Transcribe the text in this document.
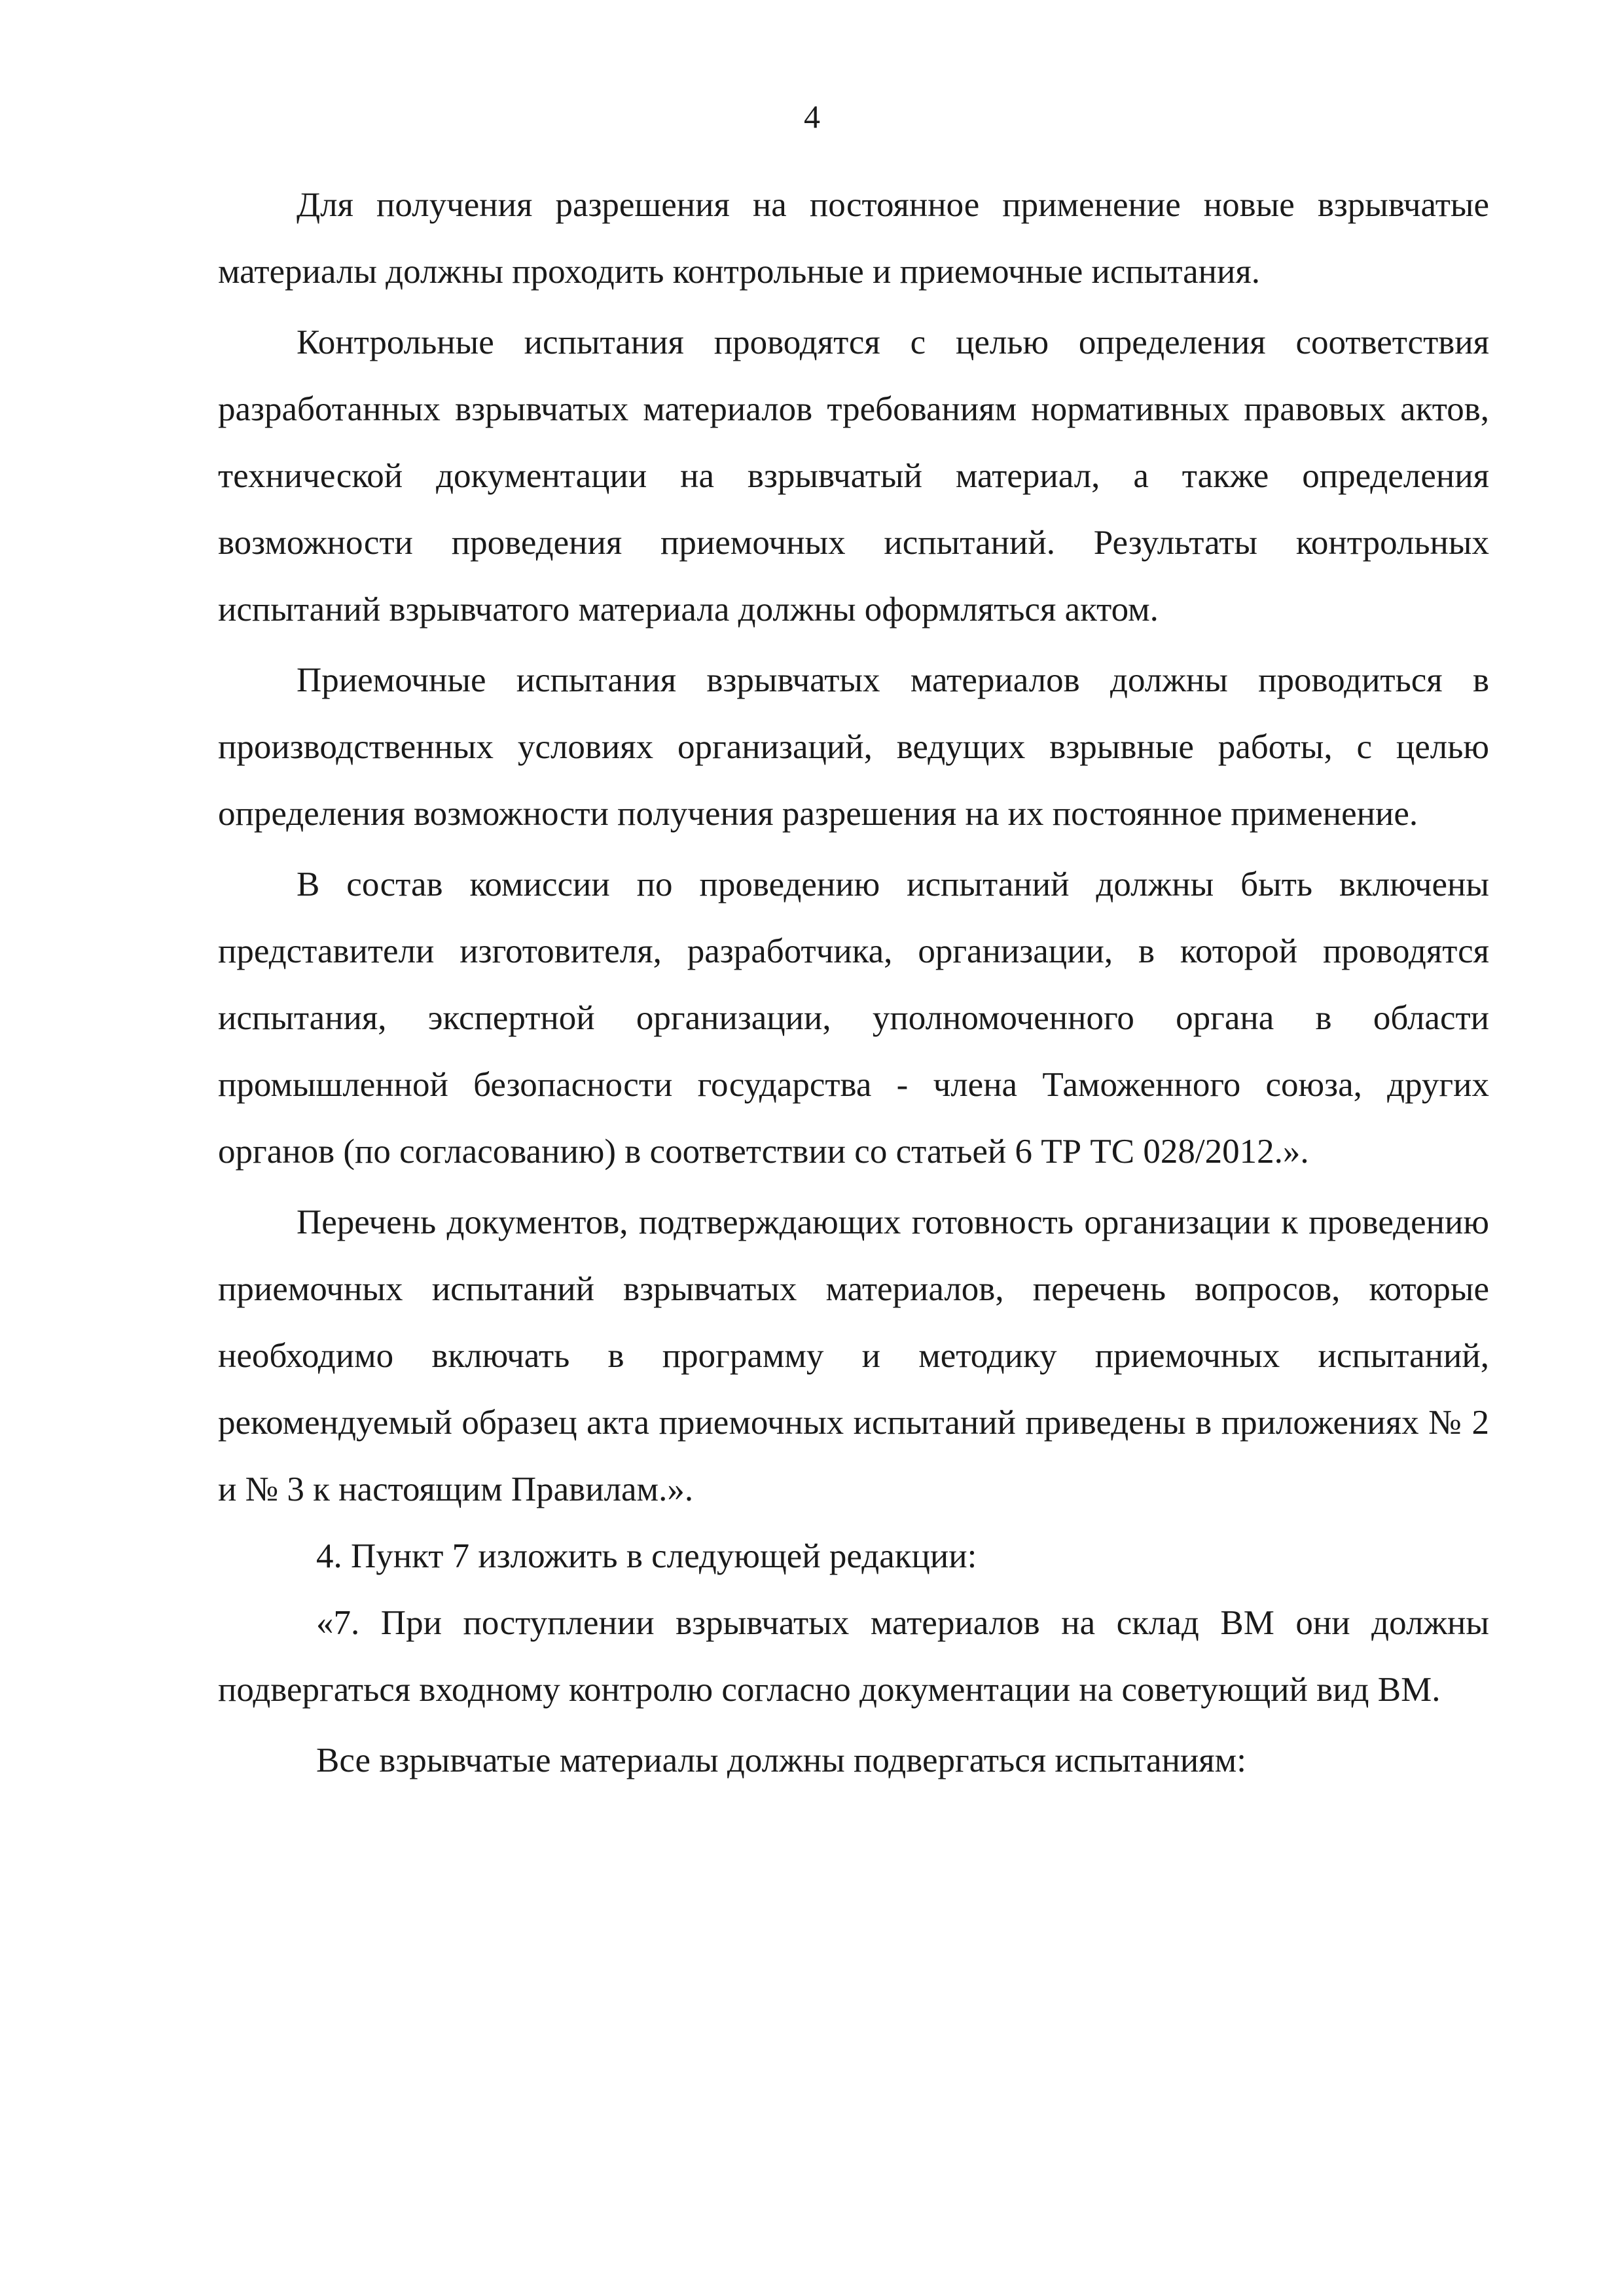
4

Для получения разрешения на постоянное применение новые взрывчатые материалы должны проходить контрольные и приемочные испытания.

Контрольные испытания проводятся с целью определения соответствия разработанных взрывчатых материалов требованиям нормативных правовых актов, технической документации на взрывчатый материал, а также определения возможности проведения приемочных испытаний. Результаты контрольных испытаний взрывчатого материала должны оформляться актом.

Приемочные испытания взрывчатых материалов должны проводиться в производственных условиях организаций, ведущих взрывные работы, с целью определения возможности получения разрешения на их постоянное применение.

В состав комиссии по проведению испытаний должны быть включены представители изготовителя, разработчика, организации, в которой проводятся испытания, экспертной организации, уполномоченного органа в области промышленной безопасности государства - члена Таможенного союза, других органов (по согласованию) в соответствии со статьей 6 ТР ТС 028/2012.».

Перечень документов, подтверждающих готовность организации к проведению приемочных испытаний взрывчатых материалов, перечень вопросов, которые необходимо включать в программу и методику приемочных испытаний, рекомендуемый образец акта приемочных испытаний приведены в приложениях № 2 и № 3 к настоящим Правилам.».

4. Пункт 7 изложить в следующей редакции:

«7. При поступлении взрывчатых материалов на склад ВМ они должны подвергаться входному контролю согласно документации на советующий вид ВМ.

Все взрывчатые материалы должны подвергаться испытаниям:
